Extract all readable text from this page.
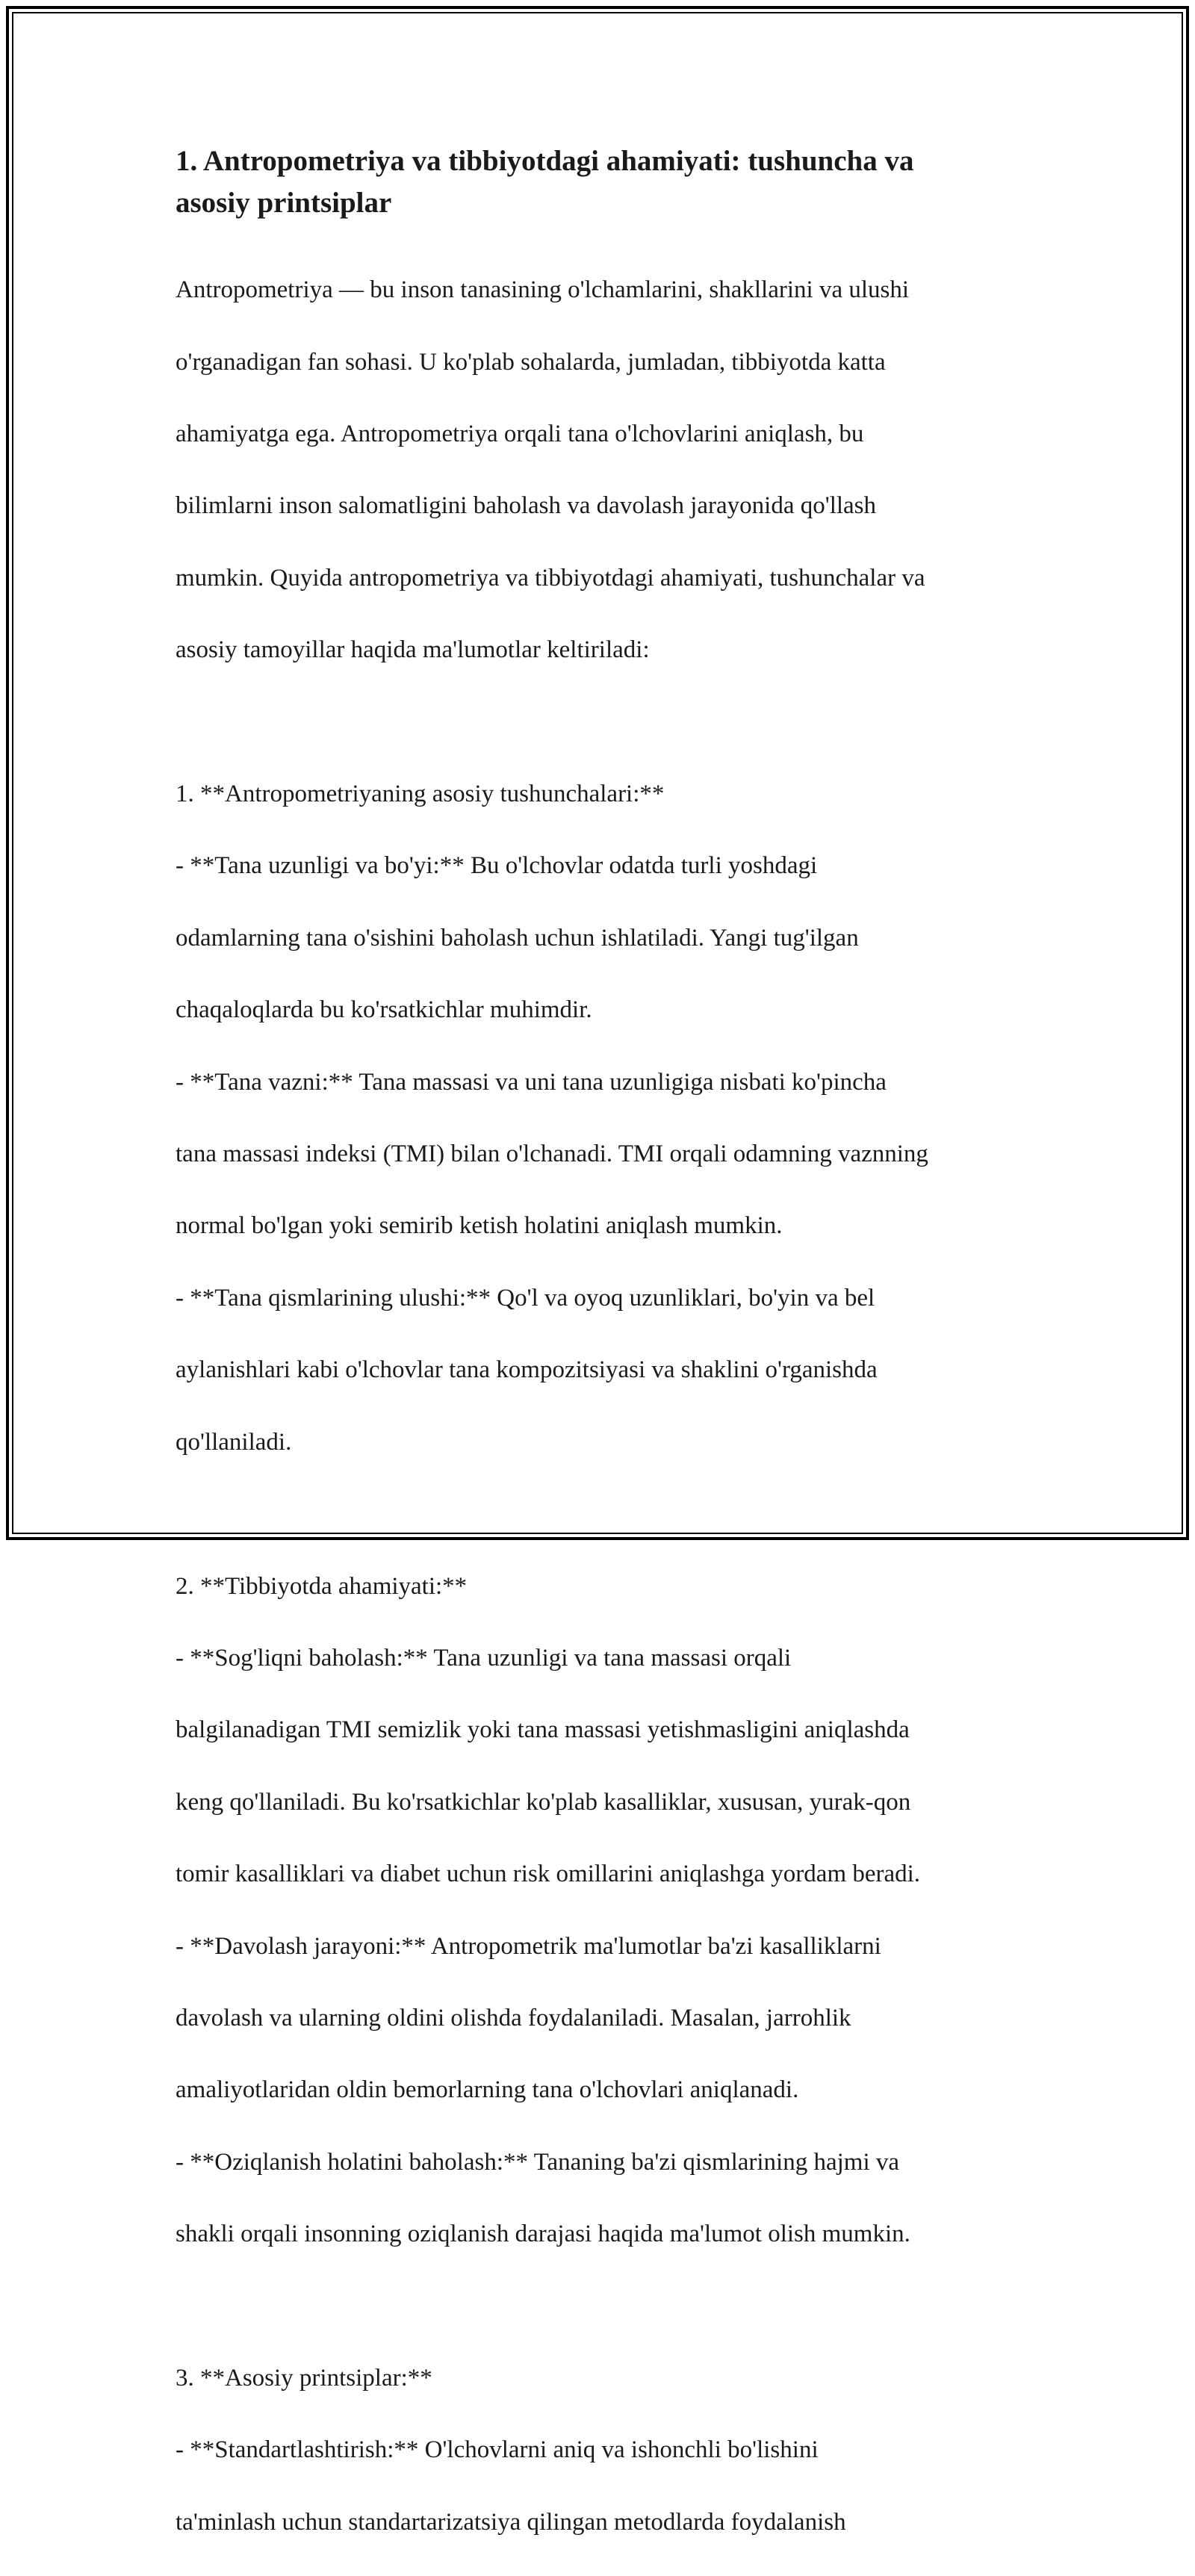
1. Antropometriya va tibbiyotdagi ahamiyati: tushuncha va
asosiy printsiplar

Antropometriya — bu inson tanasining o'lchamlarini, shakllarini va ulushi

o'rganadigan fan sohasi. U ko'plab sohalarda, jumladan, tibbiyotda katta

ahamiyatga ega. Antropometriya orqali tana o'lchovlarini aniqlash, bu

bilimlarni inson salomatligini baholash va davolash jarayonida qo'llash

mumkin. Quyida antropometriya va tibbiyotdagi ahamiyati, tushunchalar va

asosiy tamoyillar haqida ma'lumotlar keltiriladi:

1. **Antropometriyaning asosiy tushunchalari:**

- **Tana uzunligi va bo'yi:** Bu o'lchovlar odatda turli yoshdagi

odamlarning tana o'sishini baholash uchun ishlatiladi. Yangi tug'ilgan

chaqaloqlarda bu ko'rsatkichlar muhimdir.

- **Tana vazni:** Tana massasi va uni tana uzunligiga nisbati ko'pincha

tana massasi indeksi (TMI) bilan o'lchanadi. TMI orqali odamning vaznning

normal bo'lgan yoki semirib ketish holatini aniqlash mumkin.

- **Tana qismlarining ulushi:** Qo'l va oyoq uzunliklari, bo'yin va bel

aylanishlari kabi o'lchovlar tana kompozitsiyasi va shaklini o'rganishda

qo'llaniladi.

2. **Tibbiyotda ahamiyati:**

- **Sog'liqni baholash:** Tana uzunligi va tana massasi orqali

balgilanadigan TMI semizlik yoki tana massasi yetishmasligini aniqlashda

keng qo'llaniladi. Bu ko'rsatkichlar ko'plab kasalliklar, xususan, yurak-qon

tomir kasalliklari va diabet uchun risk omillarini aniqlashga yordam beradi.

- **Davolash jarayoni:** Antropometrik ma'lumotlar ba'zi kasalliklarni

davolash va ularning oldini olishda foydalaniladi. Masalan, jarrohlik

amaliyotlaridan oldin bemorlarning tana o'lchovlari aniqlanadi.

- **Oziqlanish holatini baholash:** Tananing ba'zi qismlarining hajmi va

shakli orqali insonning oziqlanish darajasi haqida ma'lumot olish mumkin.

3. **Asosiy printsiplar:**

- **Standartlashtirish:** O'lchovlarni aniq va ishonchli bo'lishini

ta'minlash uchun standartarizatsiya qilingan metodlarda foydalanish
